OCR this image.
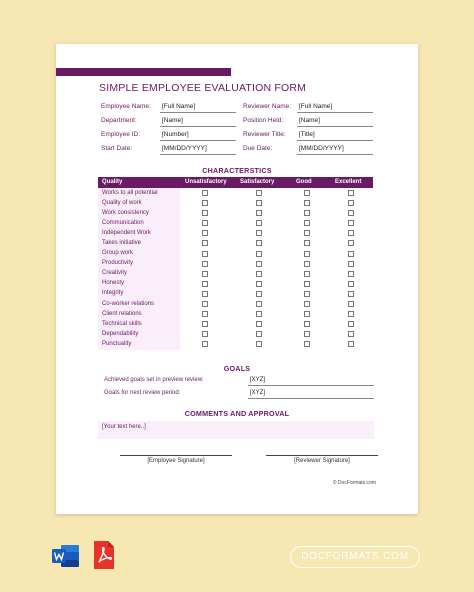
SIMPLE EMPLOYEE EVALUATION FORM
Employee Name:	[Full Name]	Reviewer Name:	[Full Name]
Department:	[Name]	Position Held:	[Name]
Employee ID:	[Number]	Reviewer Title:	[Title]
Start Date:	[MM/DD/YYYY]	Due Date:	[MM/DD/YYYY]
CHARACTERSTICS
Quality	Unsatisfactory Satisfactory	Good	Excellent
Works to all potential
Quality of work
Work consistency
Communication
Independent Work
Takes initiative
Group work
Productivity
Creativity
Honesty
Integrity
Co-worker relations
Client relations
Technical skills
Dependability
Punctuality
GOALS
Achieved goals set in preview review:	[XYZ]
Goals for next review period:	[XYZ]
COMMENTS AND APPROVAL
[Your text here..]
[Employee Signature]	[Reviewer Signature]
© DocFormats.com
DOCFORMATS.COM
